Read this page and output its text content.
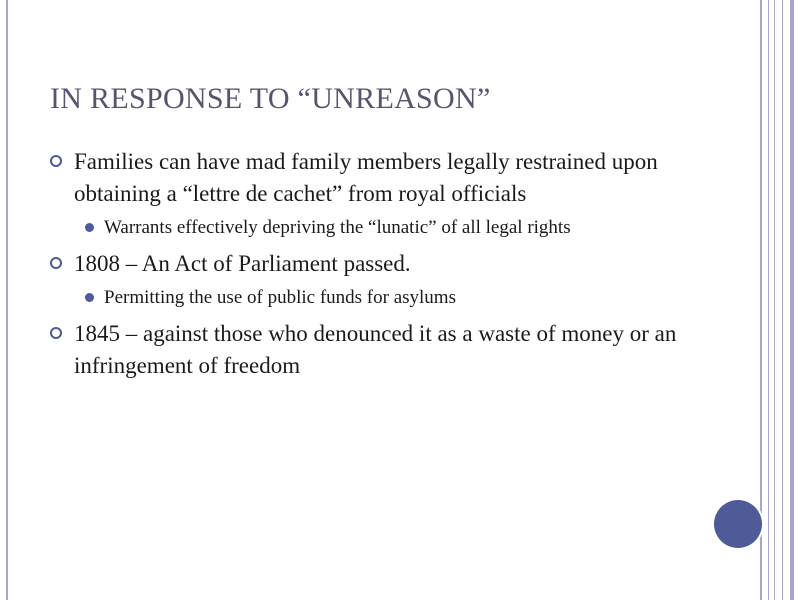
IN RESPONSE TO “UNREASON”
Families can have mad family members legally restrained upon obtaining a “lettre de cachet” from royal officials
Warrants effectively depriving the “lunatic” of all legal rights
1808 – An Act of Parliament passed.
Permitting the use of public funds for asylums
1845 – against those who denounced it as a waste of money or an infringement of freedom
